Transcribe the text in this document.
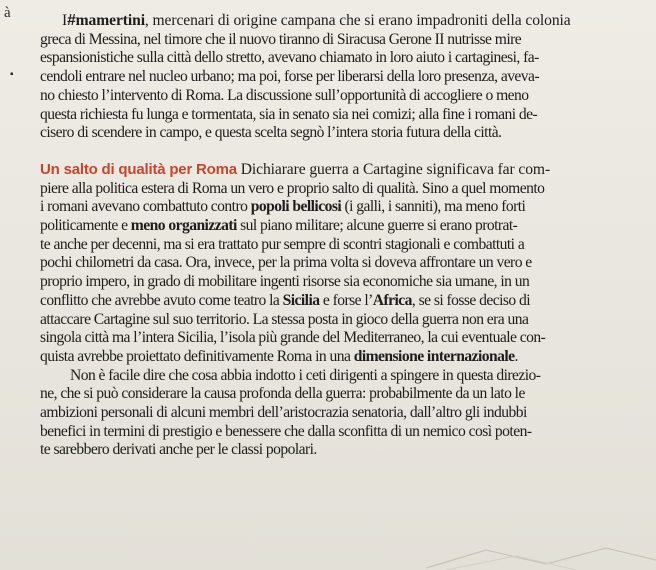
à
▪
I#mamertini, mercenari di origine campana che si erano impadroniti della colonia
greca di Messina, nel timore che il nuovo tiranno di Siracusa Gerone II nutrisse mire
espansionistiche sulla città dello stretto, avevano chiamato in loro aiuto i cartaginesi, fa-
cendoli entrare nel nucleo urbano; ma poi, forse per liberarsi della loro presenza, aveva-
no chiesto l’intervento di Roma. La discussione sull’opportunità di accogliere o meno
questa richiesta fu lunga e tormentata, sia in senato sia nei comizi; alla fine i romani de-
cisero di scendere in campo, e questa scelta segnò l’intera storia futura della città.
Un salto di qualità per Roma Dichiarare guerra a Cartagine significava far com-
piere alla politica estera di Roma un vero e proprio salto di qualità. Sino a quel momento
i romani avevano combattuto contro popoli bellicosi (i galli, i sanniti), ma meno forti
politicamente e meno organizzati sul piano militare; alcune guerre si erano protrat-
te anche per decenni, ma si era trattato pur sempre di scontri stagionali e combattuti a
pochi chilometri da casa. Ora, invece, per la prima volta si doveva affrontare un vero e
proprio impero, in grado di mobilitare ingenti risorse sia economiche sia umane, in un
conflitto che avrebbe avuto come teatro la Sicilia e forse l’Africa, se si fosse deciso di
attaccare Cartagine sul suo territorio. La stessa posta in gioco della guerra non era una
singola città ma l’intera Sicilia, l’isola più grande del Mediterraneo, la cui eventuale con-
quista avrebbe proiettato definitivamente Roma in una dimensione internazionale.
Non è facile dire che cosa abbia indotto i ceti dirigenti a spingere in questa direzio-
ne, che si può considerare la causa profonda della guerra: probabilmente da un lato le
ambizioni personali di alcuni membri dell’aristocrazia senatoria, dall’altro gli indubbi
benefici in termini di prestigio e benessere che dalla sconfitta di un nemico così poten-
te sarebbero derivati anche per le classi popolari.
